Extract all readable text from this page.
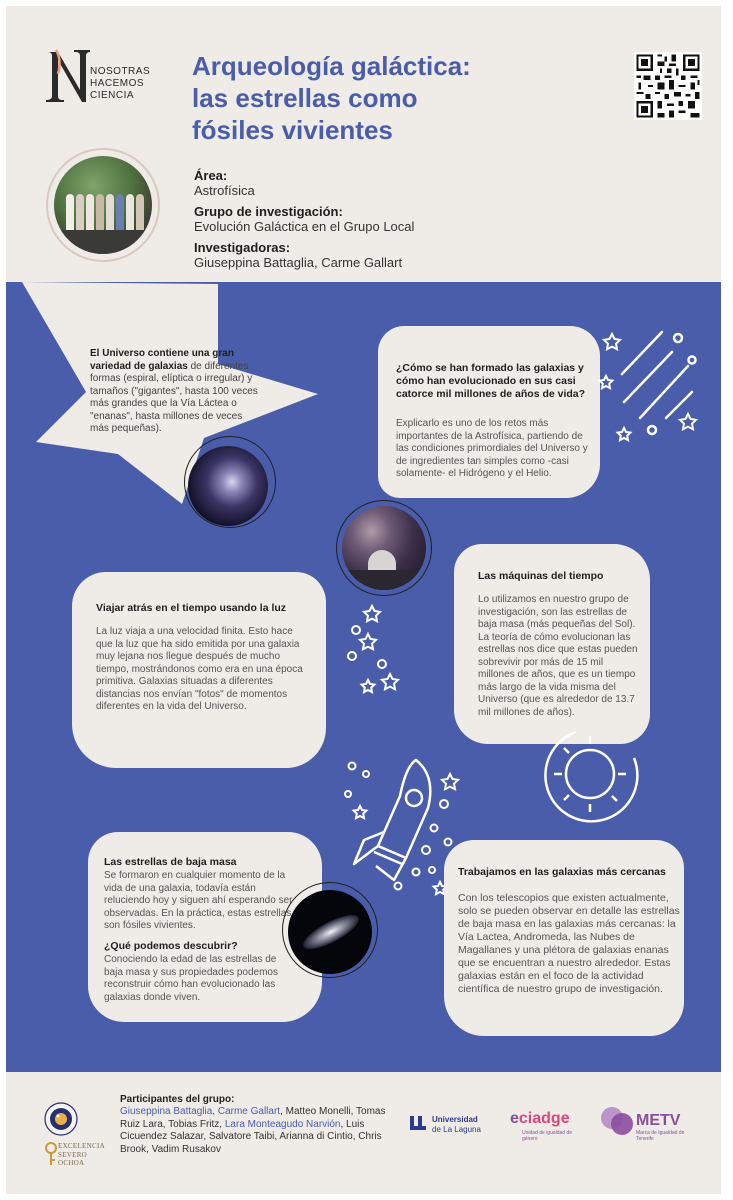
NOSOTRAS
HACEMOS
CIENCIA
Arqueología galáctica:
las estrellas como
fósiles vivientes
Área:
Astrofísica
Grupo de investigación:
Evolución Galáctica en el Grupo Local
Investigadoras:
Giuseppina Battaglia, Carme Gallart
El Universo contiene una gran variedad de galaxias de diferentes formas (espiral, elíptica o irregular) y tamaños ("gigantes", hasta 100 veces más grandes que la Vía Láctea o "enanas", hasta millones de veces más pequeñas).
¿Cómo se han formado las galaxias y cómo han evolucionado en sus casi catorce mil millones de años de vida?
Explicarlo es uno de los retos más importantes de la Astrofísica, partiendo de las condiciones primordiales del Universo y de ingredientes tan simples como -casi solamente- el Hidrógeno y el Helio.
Viajar atrás en el tiempo usando la luz
La luz viaja a una velocidad finita. Esto hace que la luz que ha sido emitida por una galaxia muy lejana nos llegue después de mucho tiempo, mostrándonos como era en una época primitiva. Galaxias situadas a diferentes distancias nos envían "fotos" de momentos diferentes en la vida del Universo.
Las máquinas del tiempo
Lo utilizamos en nuestro grupo de investigación, son las estrellas de baja masa (más pequeñas del Sol). La teoría de cómo evolucionan las estrellas nos dice que estas pueden sobrevivir por más de 15 mil millones de años, que es un tiempo más largo de la vida misma del Universo (que es alrededor de 13.7 mil millones de años).
Las estrellas de baja masa
Se formaron en cualquier momento de la vida de una galaxia, todavía están reluciendo hoy y siguen ahí esperando ser observadas. En la práctica, estas estrellas son fósiles vivientes.
¿Qué podemos descubrir?
Conociendo la edad de las estrellas de baja masa y sus propiedades podemos reconstruir cómo han evolucionado las galaxias donde viven.
Trabajamos en las galaxias más cercanas
Con los telescopios que existen actualmente, solo se pueden observar en detalle las estrellas de baja masa en las galaxias más cercanas: la Vía Lactea, Andromeda, las Nubes de Magallanes y una plétora de galaxias enanas que se encuentran a nuestro alrededor. Estas galaxias están en el foco de la actividad científica de nuestro grupo de investigación.
EXCELENCIA
SEVERO
OCHOA
Participantes del grupo:
Giuseppina Battaglia, Carme Gallart, Matteo Monelli, Tomas Ruiz Lara, Tobias Fritz, Lara Monteagudo Narvión, Luis Cicuendez Salazar, Salvatore Taibi, Arianna di Cintio, Chris Brook, Vadim Rusakov
Universidad
de La Laguna
eciadge
Unidad de igualdad de género
METV
Marca de Igualdad de Tenerife
